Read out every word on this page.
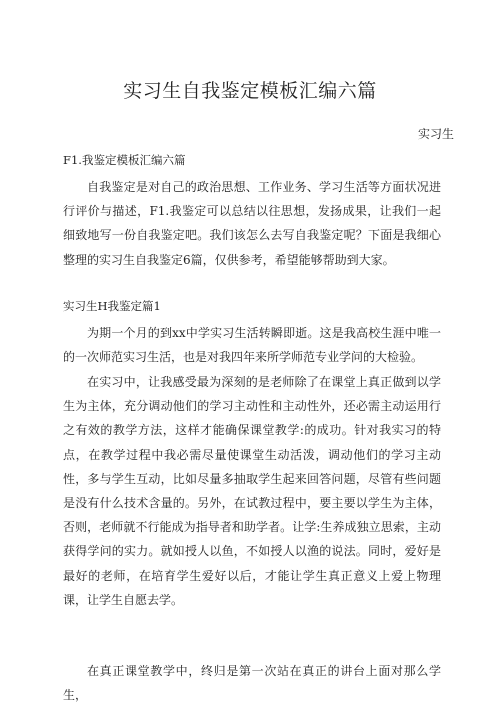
实习生自我鉴定模板汇编六篇
实习生
F1.我鉴定模板汇编六篇

自我鉴定是对自己的政治思想、工作业务、学习生活等方面状况进行评价与描述，F1.我鉴定可以总结以往思想，发扬成果，让我们一起细致地写一份自我鉴定吧。我们该怎么去写自我鉴定呢？下面是我细心整理的实习生自我鉴定6篇，仅供参考，希望能够帮助到大家。

实习生H我鉴定篇1

为期一个月的到xx中学实习生活转瞬即逝。这是我高校生涯中唯一的一次师范实习生活，也是对我四年来所学师范专业学问的大检验。

在实习中，让我感受最为深刻的是老师除了在课堂上真正做到以学生为主体，充分调动他们的学习主动性和主动性外，还必需主动运用行之有效的教学方法，这样才能确保课堂教学:的成功。针对我实习的特点，在教学过程中我必需尽量使课堂生动活泼，调动他们的学习主动性，多与学生互动，比如尽量多抽取学生起来回答问题，尽管有些问题是没有什么技术含量的。另外，在试教过程中，要主要以学生为主体，否则，老师就不行能成为指导者和助学者。让学:生养成独立思索，主动获得学问的实力。就如授人以鱼，不如授人以渔的说法。同时，爱好是最好的老师，在培育学生爱好以后，才能让学生真正意义上爱上物理课，让学生自愿去学。

在真正课堂教学中，终归是第一次站在真正的讲台上面对那么学生，
